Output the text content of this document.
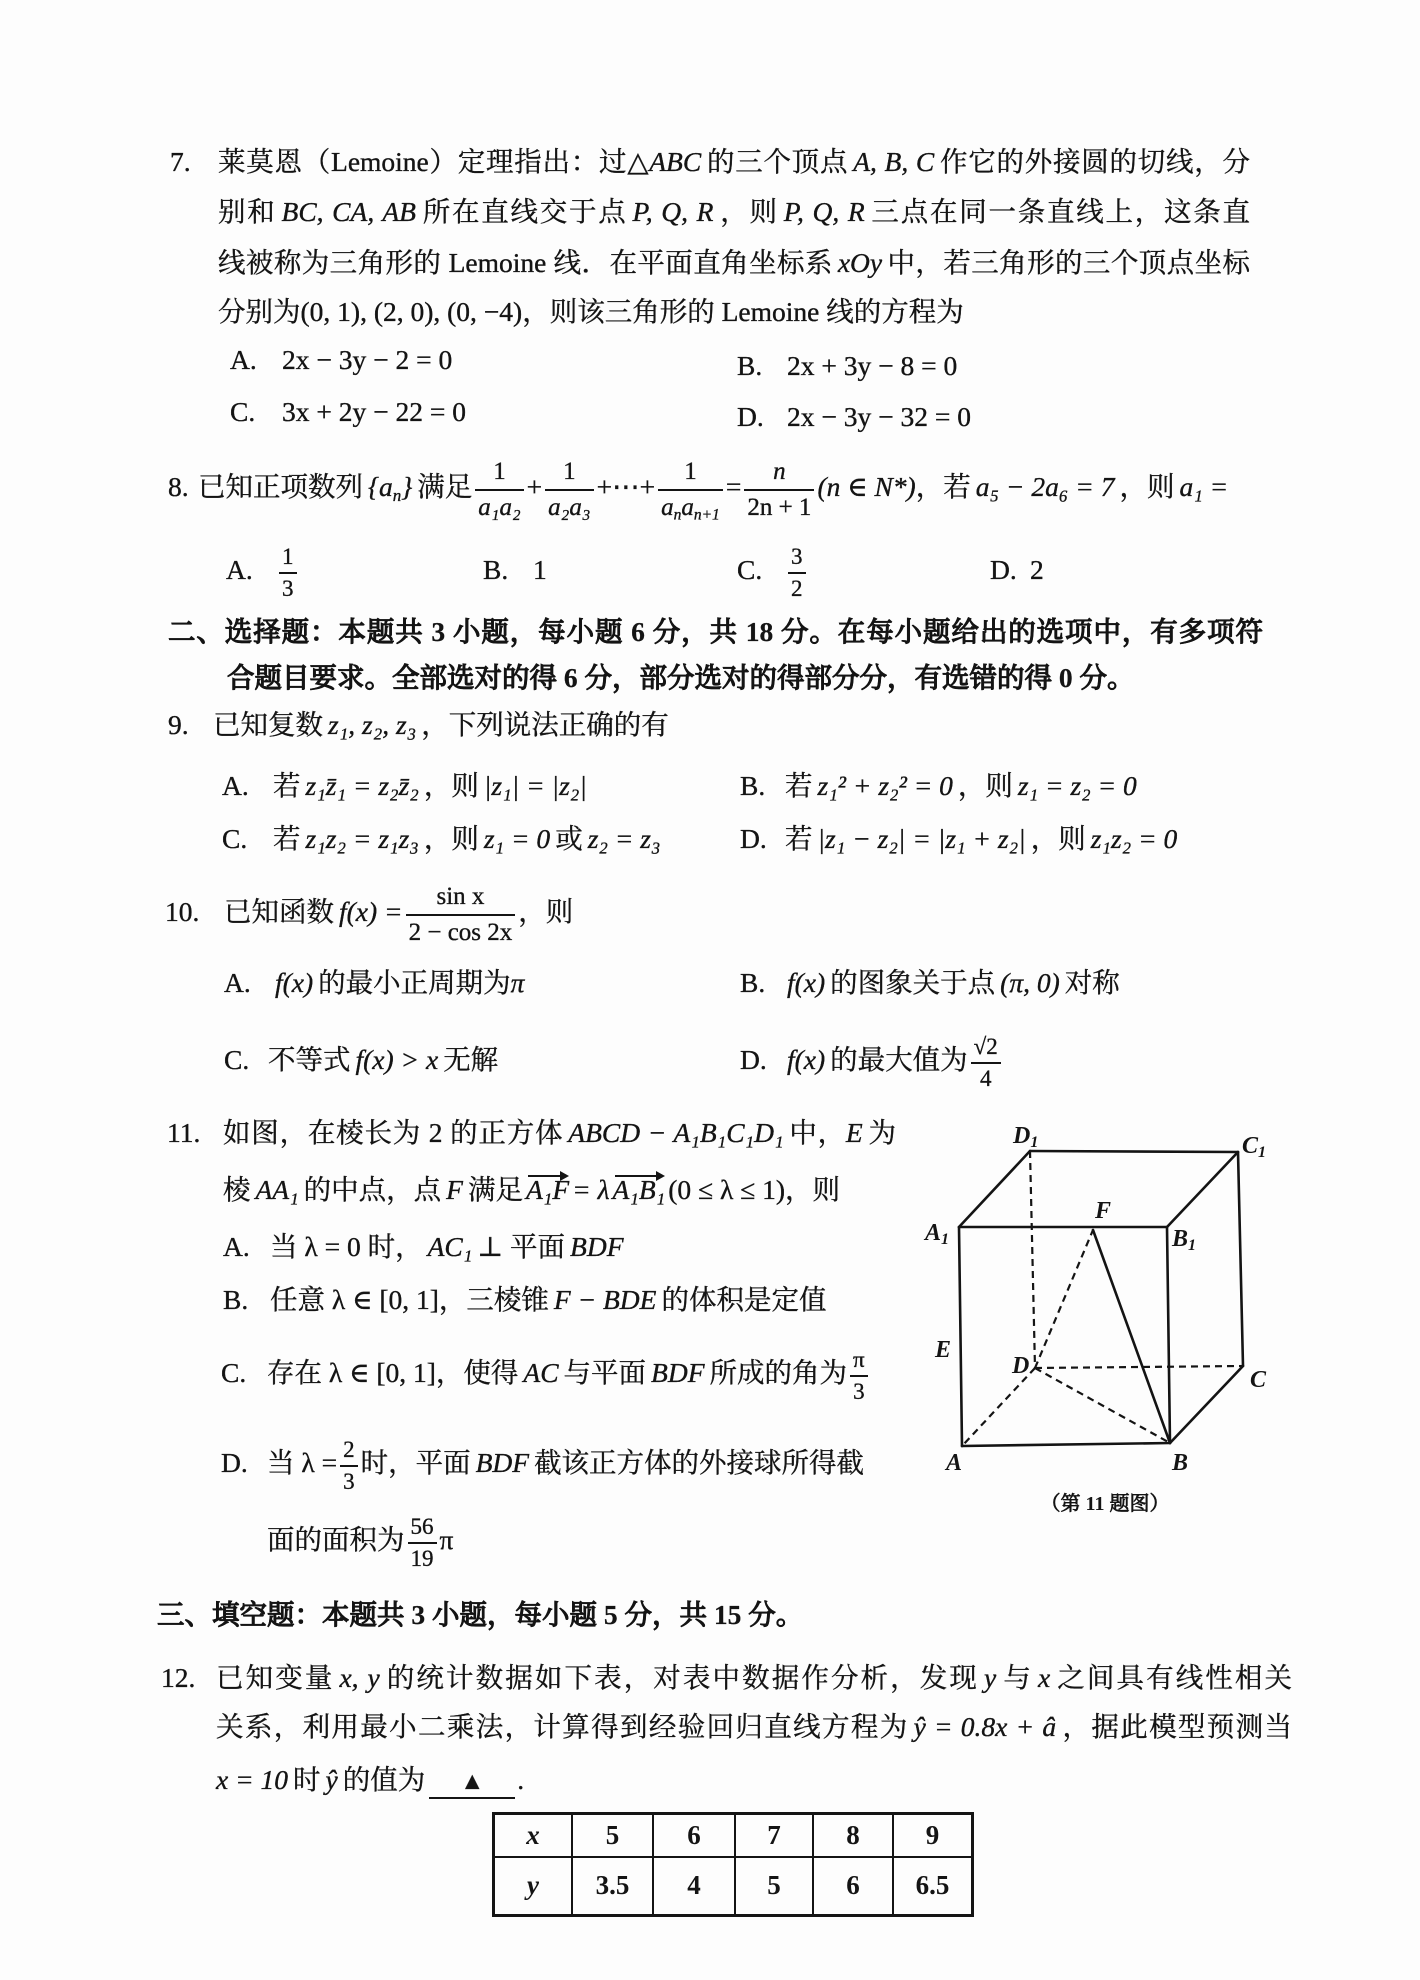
7. 莱莫恩（Lemoine）定理指出：过△ABC 的三个顶点 A, B, C 作它的外接圆的切线，分
别和 BC, CA, AB 所在直线交于点 P, Q, R ，则 P, Q, R 三点在同一条直线上，这条直
线被称为三角形的 Lemoine 线．在平面直角坐标系 xOy 中，若三角形的三个顶点坐标
分别为(0, 1), (2, 0), (0, −4)，则该三角形的 Lemoine 线的方程为
A. 2x − 3y − 2 = 0	B. 2x + 3y − 8 = 0
C. 3x + 2y − 22 = 0	D. 2x − 3y − 32 = 0
8. 已知正项数列 $\{a_n\}$ 满足 $\frac{1}{\text{a₁a₂}} + \frac{1}{\text{a₂a₃}}$ +⋯+	1
$a_na_{n+1}$
= $\frac{n}{2n + 1} (n$ ∈ N*)，若 a₅ − 2a₆ = 7 ，则 a₁ =
A. $\frac{1}{3}$	B. 1	C. $\frac{3}{2}$	D. 2
二、选择题：本题共 3 小题，每小题 6 分，共 18 分。在每小题给出的选项中，有多项符
合题目要求。全部选对的得 6 分，部分选对的得部分分，有选错的得 0 分。
9. 已知复数 z₁, z₂, z₃ ，下列说法正确的有
A. 若 z₁z̄₁ = z₂z̄₂ ，则 |z₁| = |z₂|	B. 若 z₁² + z₂² = 0 ，则 z₁ = z₂ = 0
C. 若 z₁z₂ = z₁z₃ ，则 z₁ = 0 或 z₂ = z₃	D. 若 |z₁ − z₂| = |z₁ + z₂| ，则 z₁z₂ = 0
10. 已知函数 $f(x) = \frac{\text{sin x}}{2 - \cos 2x}$ ，则
A. f(x) 的最小正周期为π	B. f(x) 的图象关于点 (π, 0) 对称
C. 不等式 f(x) > x 无解	D. f(x) 的最大值为 $\frac{√2}{4}$
11. 如图，在棱长为 2 的正方体 ABCD − A₁B₁C₁D₁ 中，E 为
棱 AA₁ 的中点，点 F 满足 A₁F = λ A₁B₁ (0 ≤ λ ≤ 1)，则
A. 当 λ = 0 时， AC₁ ⊥ 平面 BDF
B. 任意 λ ∈ [0, 1]，三棱锥 F − BDE 的体积是定值
C. 存在 λ ∈ [0, 1]，使得 AC 与平面 BDF 所成的角为 $\frac{\pi}{3}$
D. 当 $\lambda = \frac{2}{3}$ 时，平面 BDF 截该正方体的外接球所得截
面的面积为 $\frac{56}{19}$ π
D1	C1
A1	B1
F
E
D
C
A	B
（第 11 题图）
三、填空题：本题共 3 小题，每小题 5 分，共 15 分。
12. 已知变量 x, y 的统计数据如下表，对表中数据作分析，发现 y 与 x 之间具有线性相关
关系，利用最小二乘法，计算得到经验回归直线方程为 ŷ = 0.8x + â ，据此模型预测当
x = 10 时 ŷ 的值为 ▲ .
x	5	6	7	8	9
y	3.5	4	5	6	6.5
